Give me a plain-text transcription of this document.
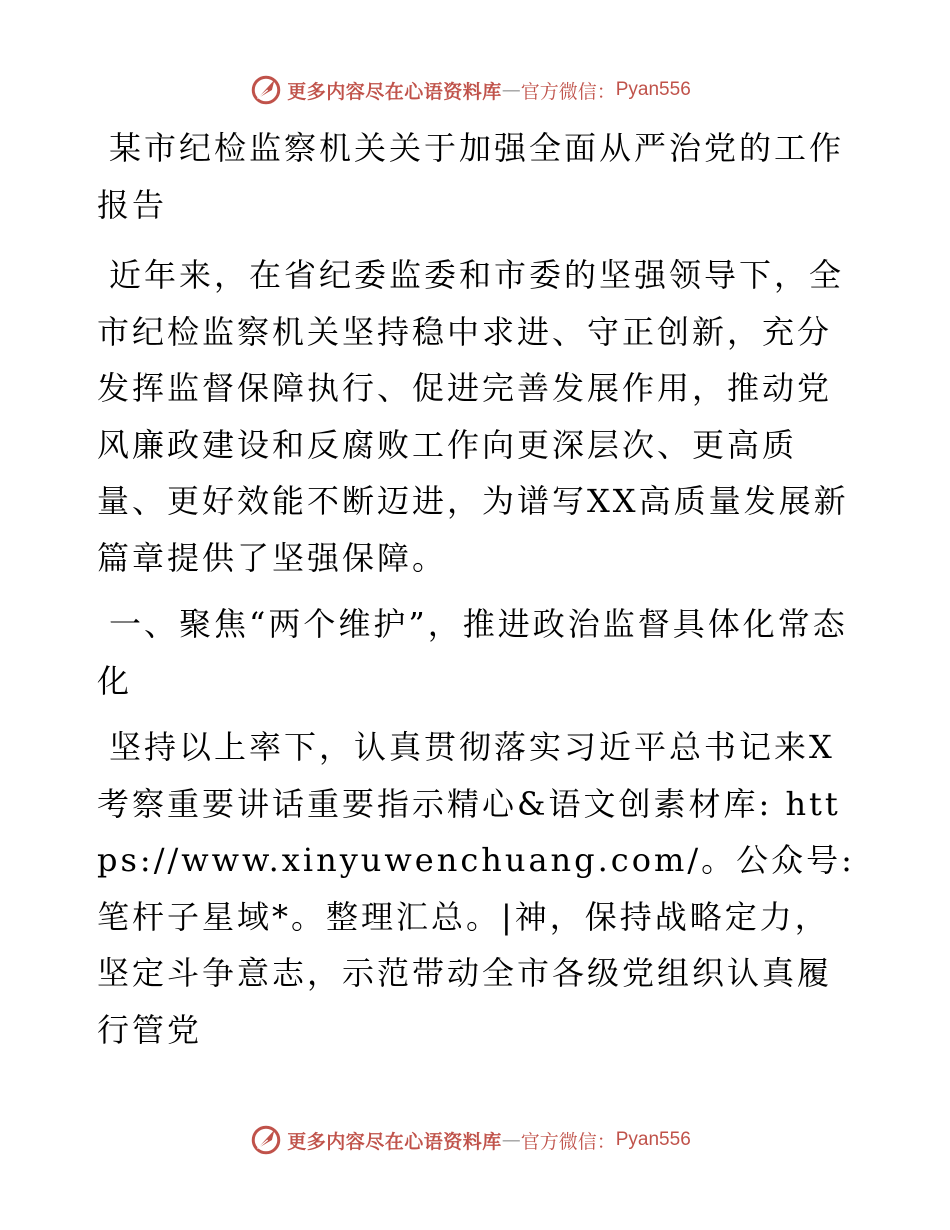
更多内容尽在心语资料库 — 官方微信： Pyan556

某市纪检监察机关关于加强全面从严治党的工作报告

近年来，在省纪委监委和市委的坚强领导下，全市纪检监察机关坚持稳中求进、守正创新，充分发挥监督保障执行、促进完善发展作用，推动党风廉政建设和反腐败工作向更深层次、更高质量、更好效能不断迈进，为谱写XX高质量发展新篇章提供了坚强保障。

一、聚焦“两个维护”，推进政治监督具体化常态化

坚持以上率下，认真贯彻落实习近平总书记来X考察重要讲话重要指示精心&语文创素材库: https://www.xinyuwenchuang.com/。公众号: 笔杆子星域*。整理汇总。|神，保持战略定力，坚定斗争意志，示范带动全市各级党组织认真履行管党

更多内容尽在心语资料库 — 官方微信： Pyan556
